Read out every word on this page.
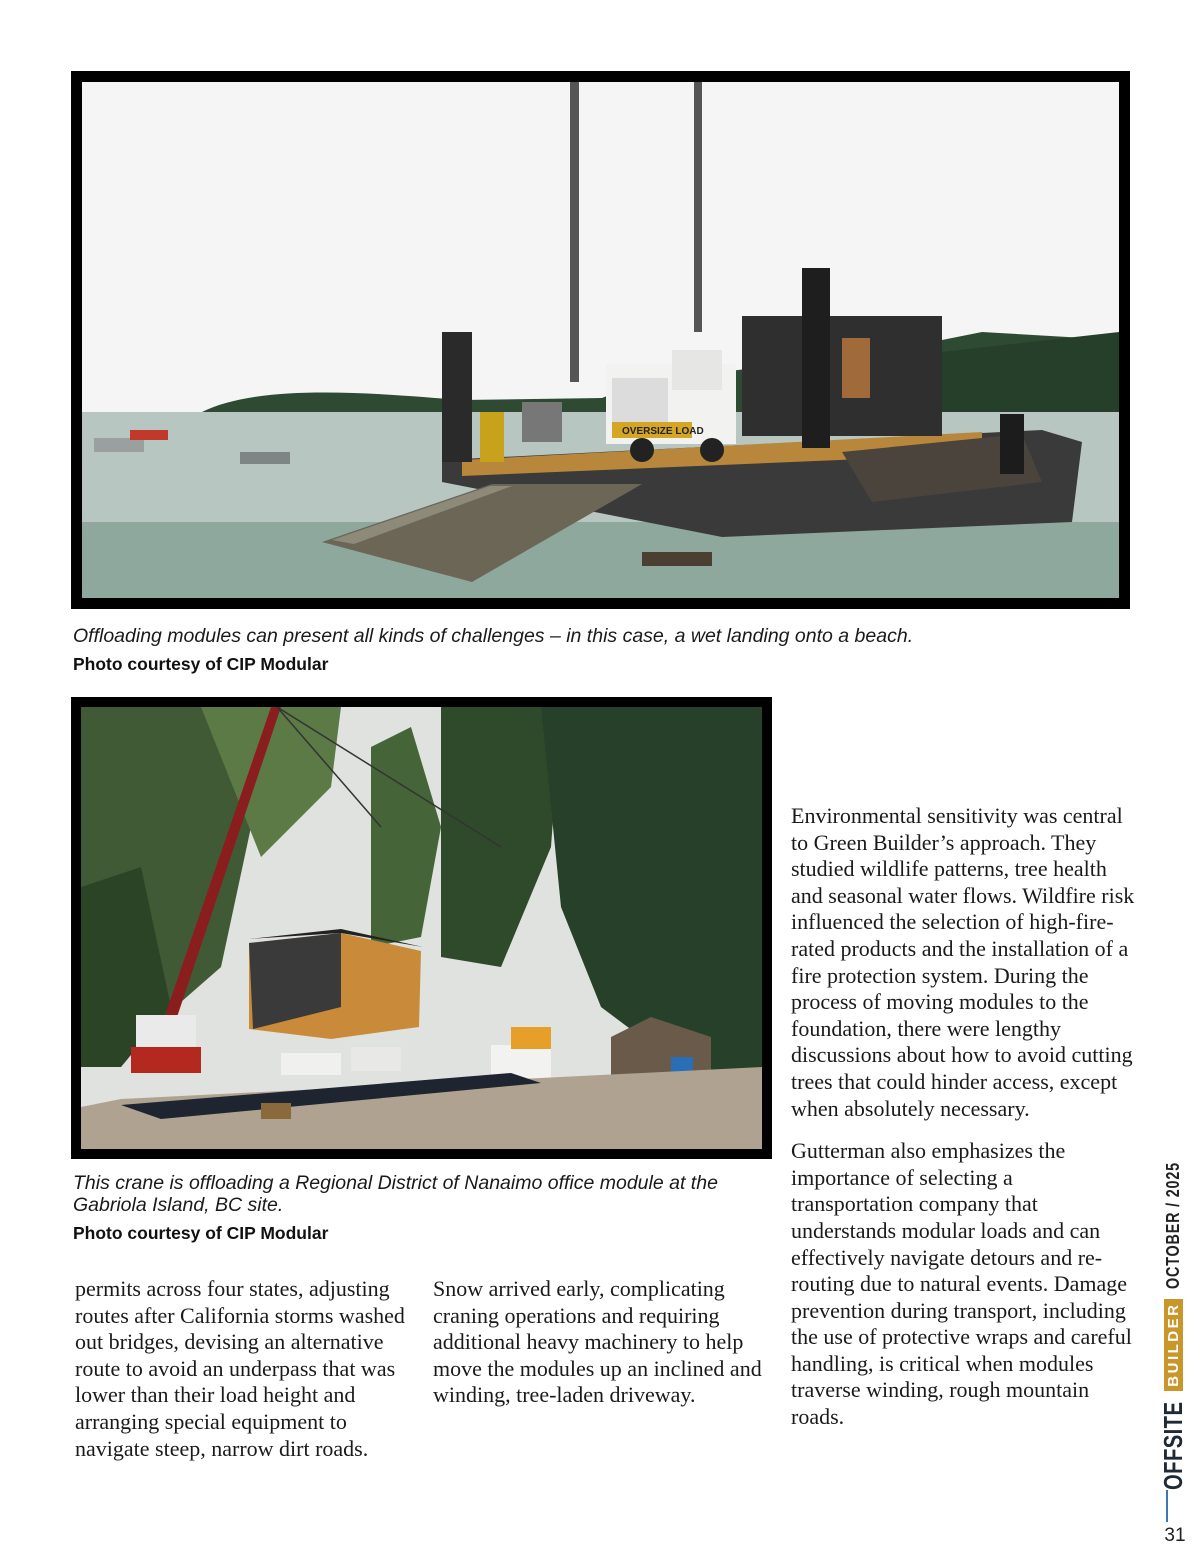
OVERSIZE LOAD
Offloading modules can present all kinds of challenges – in this case, a wet landing onto a beach.
Photo courtesy of CIP Modular
This crane is offloading a Regional District of Nanaimo office module at the Gabriola Island, BC site.
Photo courtesy of CIP Modular

permits across four states, adjusting routes after California storms washed out bridges, devising an alternative route to avoid an underpass that was lower than their load height and arranging special equipment to navigate steep, narrow dirt roads.

Snow arrived early, complicating craning operations and requiring additional heavy machinery to help move the modules up an inclined and winding, tree-laden driveway.

Environmental sensitivity was central to Green Builder’s approach. They studied wildlife patterns, tree health and seasonal water flows. Wildfire risk influenced the selection of high-fire-rated products and the installation of a fire protection system. During the process of moving modules to the foundation, there were lengthy discussions about how to avoid cutting trees that could hinder access, except when absolutely necessary.

Gutterman also emphasizes the importance of selecting a transportation company that understands modular loads and can effectively navigate detours and re-routing due to natural events. Damage prevention during transport, including the use of protective wraps and careful handling, is critical when modules traverse winding, rough mountain roads.	OFFSITE
BUILDER
OCTOBER / 2025
31
